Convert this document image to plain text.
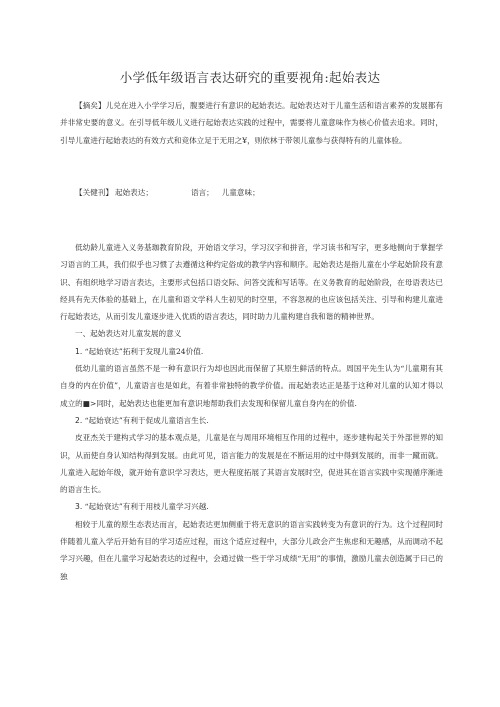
小学低年级语言表达研究的重要视角:起始表达

【摘矣】儿兑在进入小学学习后，腹要进行有意识的起始表达。起始表达对于儿童生活和语言素养的发展都有并非常史要的意义。在引导低年级儿义进行起始表达实践的过程中，需要将儿童意味作为核心价值去追求。同时，引导儿童进行起始表达的有效方式和竞体立足于无用之¥，则依林于带领儿童参与获得特有的儿童体验。

【关健刊】 起始表达；	语言； 儿童意味；

低幼龄儿童进入义务基珈教育阶段，开始语文学习，学习汉字和拼音，学习读书和写字，更多地侧向于掌握学习语言的工具，我们似乎也习惯了去遵循这种约定俗成的教学内容和顺序。起始表达是指儿童在小学起始阶段有意识、有组织地学习语言表达，主要形式包括口语交际、问答交流和写话等。在义务教育的起始阶段，在母语表达已经具有先天体验的基础上，在儿童和语文学科人生初见的时空里，不容忽视的也应该包括关注、引导和构建儿童进行起始表达，从而引发儿童逐步进入优质的语言表达，同时助力儿童构建自我和谐的精神世界。

一、起始表达对儿童发展的意义

1. “起始衰达”拓利于发现儿童24价值.

低幼儿童的语言虽然不是一种有意识行为却也因此而保留了其原生鲜活的特点。周国平先生认为“儿童期有其自身的内在价值”，儿童语言也是如此，有着非常独特的教学价值。而起始表达正是基于这种对儿童的认知才得以成立的■>同时，起始表达也能更加有意识地帮助我们去发现和保留儿童自身内在的价值.

2. “起始衰达”有利于促成儿童语言生长.

皮亚杰关于建构式学习的基本观点是，儿童是在与周用环境相互作用的过程中，逐步建构起关于外部世界的知识，从而使自身认知结构得到发展。由此可见，语言能力的发展是在不断运用的过中得到发展的，而非一蹴而就。儿童进入起始年级，就开始有意识学习表达，更大程度拓展了其语言发展时空，促进其在语言实践中实现循序渐进的语言生长。

3. “起始衰达”有利于用枝儿童学习兴越.

相较于儿童的原生态表达而言，起始表达更加侧重于将无意识的语言实践转变为有意识的行为。这个过程同时伴随着儿童入学后开始有目的学习适应过程，而这个适应过程中，大部分儿政会产生焦虑和无趣感，从而调动不起学习兴趣，但在儿童学习起始表达的过程中，会通过做一些于学习成绩“无用”的事情，激励儿童去创造属于曰己的独
